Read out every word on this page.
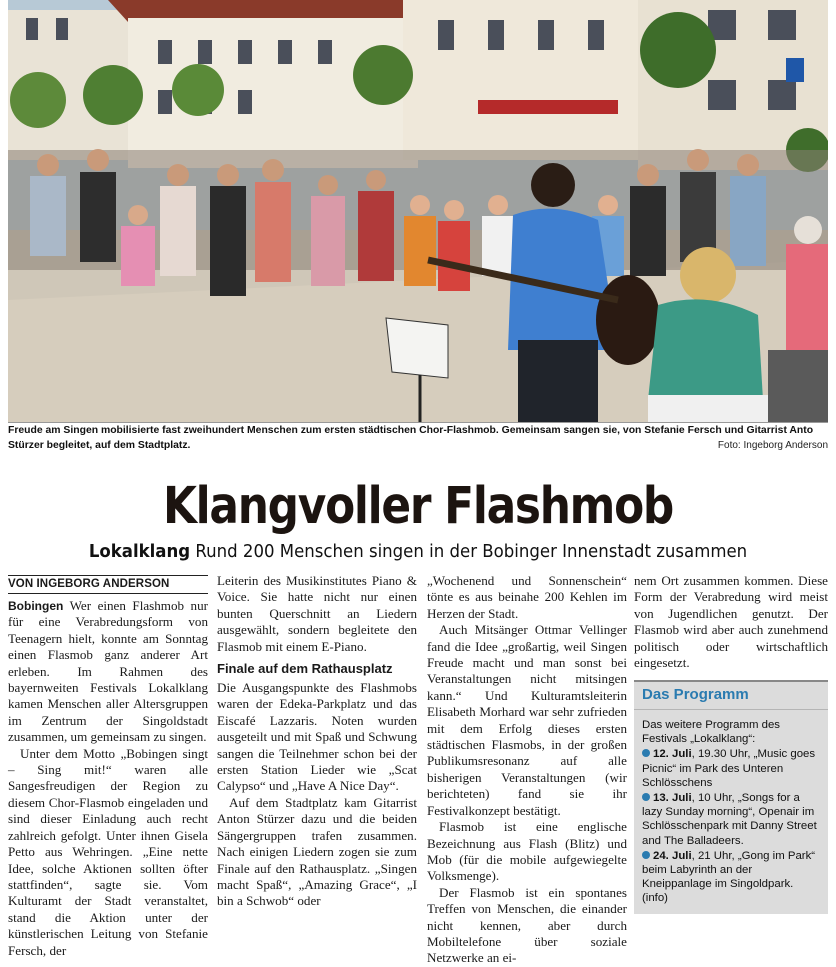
Freude am Singen mobilisierte fast zweihundert Menschen zum ersten städtischen Chor-Flashmob. Gemeinsam sangen sie, von Stefanie Fersch und Gitarrist Anto Stürzer begleitet, auf dem Stadtplatz.	Foto: Ingeborg Anderson
Klangvoller Flashmob
Lokalklang Rund 200 Menschen singen in der Bobinger Innenstadt zusammen
VON INGEBORG ANDERSON

Bobingen Wer einen Flashmob nur für eine Verabredungsform von Teenagern hielt, konnte am Sonntag einen Flasmob ganz anderer Art erleben. Im Rahmen des bayernweiten Festivals Lokalklang kamen Menschen aller Altersgruppen im Zentrum der Singoldstadt zusammen, um gemeinsam zu singen.

Unter dem Motto „Bobingen singt – Sing mit!“ waren alle Sangesfreudigen der Region zu diesem Chor-Flasmob eingeladen und sind dieser Einladung auch recht zahlreich gefolgt. Unter ihnen Gisela Petto aus Wehringen. „Eine nette Idee, solche Aktionen sollten öfter stattfinden“, sagte sie. Vom Kulturamt der Stadt veranstaltet, stand die Aktion unter der künstlerischen Leitung von Stefanie Fersch, der

Leiterin des Musikinstitutes Piano & Voice. Sie hatte nicht nur einen bunten Querschnitt an Liedern ausgewählt, sondern begleitete den Flasmob mit einem E-Piano.

Finale auf dem Rathausplatz

Die Ausgangspunkte des Flashmobs waren der Edeka-Parkplatz und das Eiscafé Lazzaris. Noten wurden ausgeteilt und mit Spaß und Schwung sangen die Teilnehmer schon bei der ersten Station Lieder wie „Scat Calypso“ und „Have A Nice Day“.

Auf dem Stadtplatz kam Gitarrist Anton Stürzer dazu und die beiden Sängergruppen trafen zusammen. Nach einigen Liedern zogen sie zum Finale auf den Rathausplatz. „Singen macht Spaß“, „Amazing Grace“, „I bin a Schwob“ oder

„Wochenend und Sonnenschein“ tönte es aus beinahe 200 Kehlen im Herzen der Stadt.

Auch Mitsänger Ottmar Vellinger fand die Idee „großartig, weil Singen Freude macht und man sonst bei Veranstaltungen nicht mitsingen kann.“ Und Kulturamtsleiterin Elisabeth Morhard war sehr zufrieden mit dem Erfolg dieses ersten städtischen Flasmobs, in der großen Publikumsresonanz auf alle bisherigen Veranstaltungen (wir berichteten) fand sie ihr Festivalkonzept bestätigt.

Flasmob ist eine englische Bezeichnung aus Flash (Blitz) und Mob (für die mobile aufgewiegelte Volksmenge).

Der Flasmob ist ein spontanes Treffen von Menschen, die einander nicht kennen, aber durch Mobiltelefone über soziale Netzwerke an ei-

nem Ort zusammen kommen. Diese Form der Verabredung wird meist von Jugendlichen genutzt. Der Flasmob wird aber auch zunehmend politisch oder wirtschaftlich eingesetzt.

Das Programm

Das weitere Programm des Festivals „Lokalklang“:

12. Juli, 19.30 Uhr, „Music goes Picnic“ im Park des Unteren Schlösschens
13. Juli, 10 Uhr, „Songs for a lazy Sunday morning“, Openair im Schlösschenpark mit Danny Street and The Balladeers.
24. Juli, 21 Uhr, „Gong im Park“ beim Labyrinth an der Kneippanlage im Singoldpark. (info)
